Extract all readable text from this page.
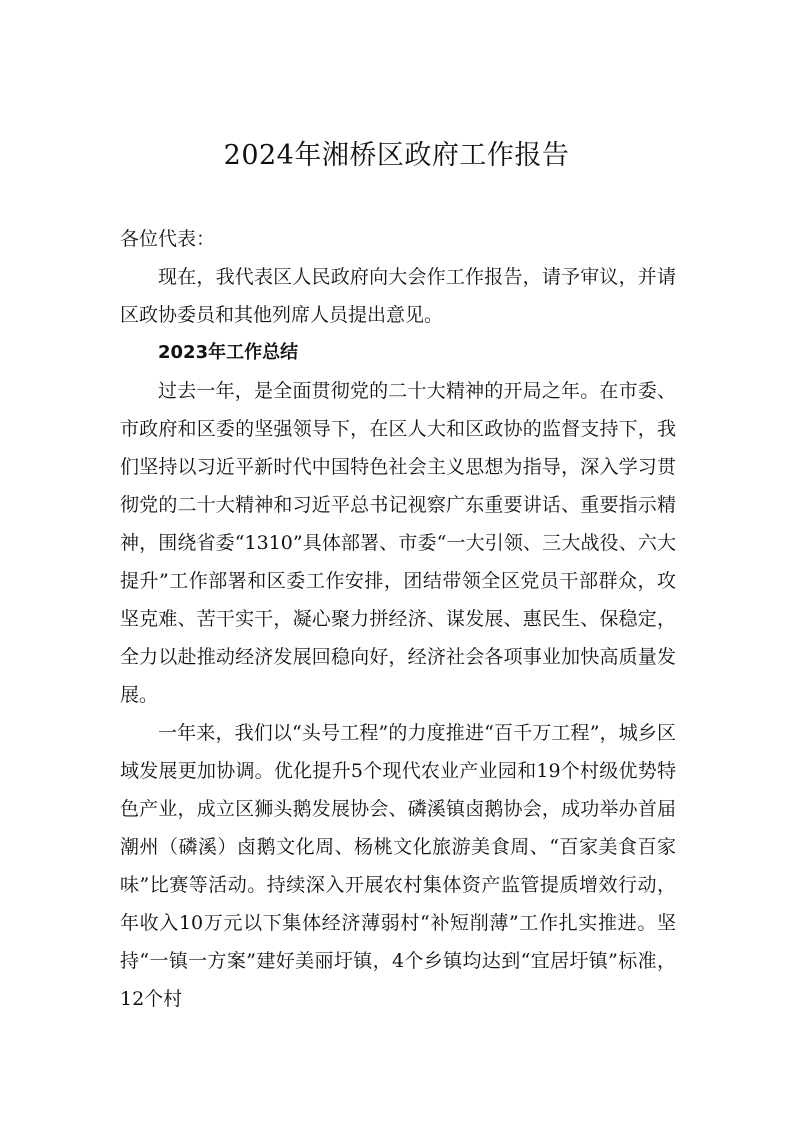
2024年湘桥区政府工作报告

各位代表：

现在，我代表区人民政府向大会作工作报告，请予审议，并请区政协委员和其他列席人员提出意见。

2023年工作总结

过去一年，是全面贯彻党的二十大精神的开局之年。在市委、市政府和区委的坚强领导下，在区人大和区政协的监督支持下，我们坚持以习近平新时代中国特色社会主义思想为指导，深入学习贯彻党的二十大精神和习近平总书记视察广东重要讲话、重要指示精神，围绕省委“1310”具体部署、市委“一大引领、三大战役、六大提升”工作部署和区委工作安排，团结带领全区党员干部群众，攻坚克难、苦干实干，凝心聚力拼经济、谋发展、惠民生、保稳定，全力以赴推动经济发展回稳向好，经济社会各项事业加快高质量发展。

一年来，我们以“头号工程”的力度推进“百千万工程”，城乡区域发展更加协调。优化提升5个现代农业产业园和19个村级优势特色产业，成立区狮头鹅发展协会、磷溪镇卤鹅协会，成功举办首届潮州（磷溪）卤鹅文化周、杨桃文化旅游美食周、“百家美食百家味”比赛等活动。持续深入开展农村集体资产监管提质增效行动，年收入10万元以下集体经济薄弱村“补短削薄”工作扎实推进。坚持“一镇一方案”建好美丽圩镇，4个乡镇均达到“宜居圩镇”标准，12个村
